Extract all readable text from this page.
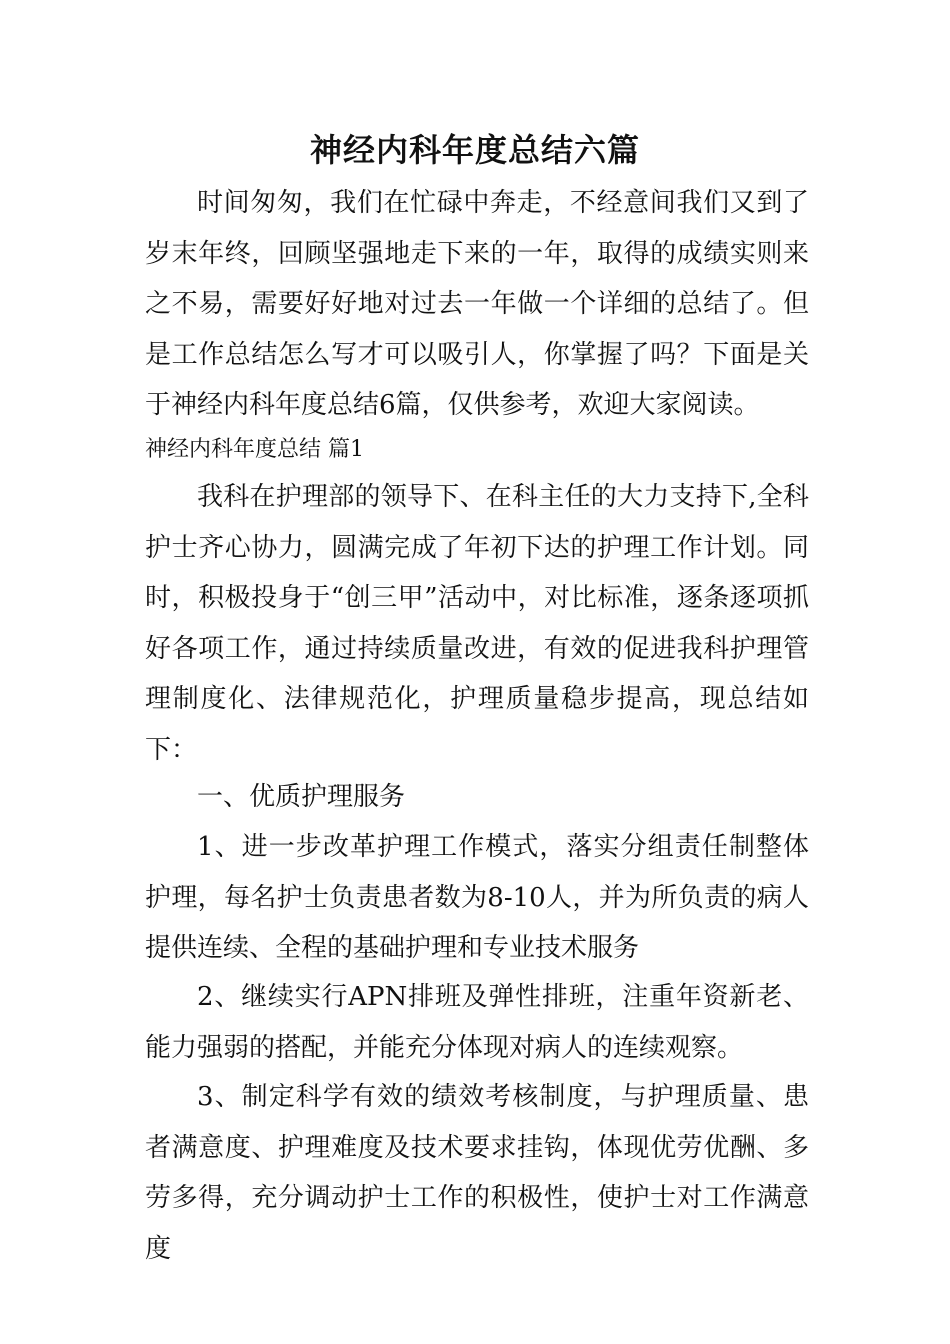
神经内科年度总结六篇

时间匆匆，我们在忙碌中奔走，不经意间我们又到了岁末年终，回顾坚强地走下来的一年，取得的成绩实则来之不易，需要好好地对过去一年做一个详细的总结了。但是工作总结怎么写才可以吸引人，你掌握了吗？下面是关于神经内科年度总结6篇，仅供参考，欢迎大家阅读。

神经内科年度总结 篇1

我科在护理部的领导下、在科主任的大力支持下,全科护士齐心协力，圆满完成了年初下达的护理工作计划。同时，积极投身于“创三甲”活动中，对比标准，逐条逐项抓好各项工作，通过持续质量改进，有效的促进我科护理管理制度化、法律规范化，护理质量稳步提高，现总结如下：

一、优质护理服务

1、进一步改革护理工作模式，落实分组责任制整体护理，每名护士负责患者数为8-10人，并为所负责的病人提供连续、全程的基础护理和专业技术服务

2、继续实行APN排班及弹性排班，注重年资新老、能力强弱的搭配，并能充分体现对病人的连续观察。

3、制定科学有效的绩效考核制度，与护理质量、患者满意度、护理难度及技术要求挂钩，体现优劳优酬、多劳多得，充分调动护士工作的积极性，使护士对工作满意度
